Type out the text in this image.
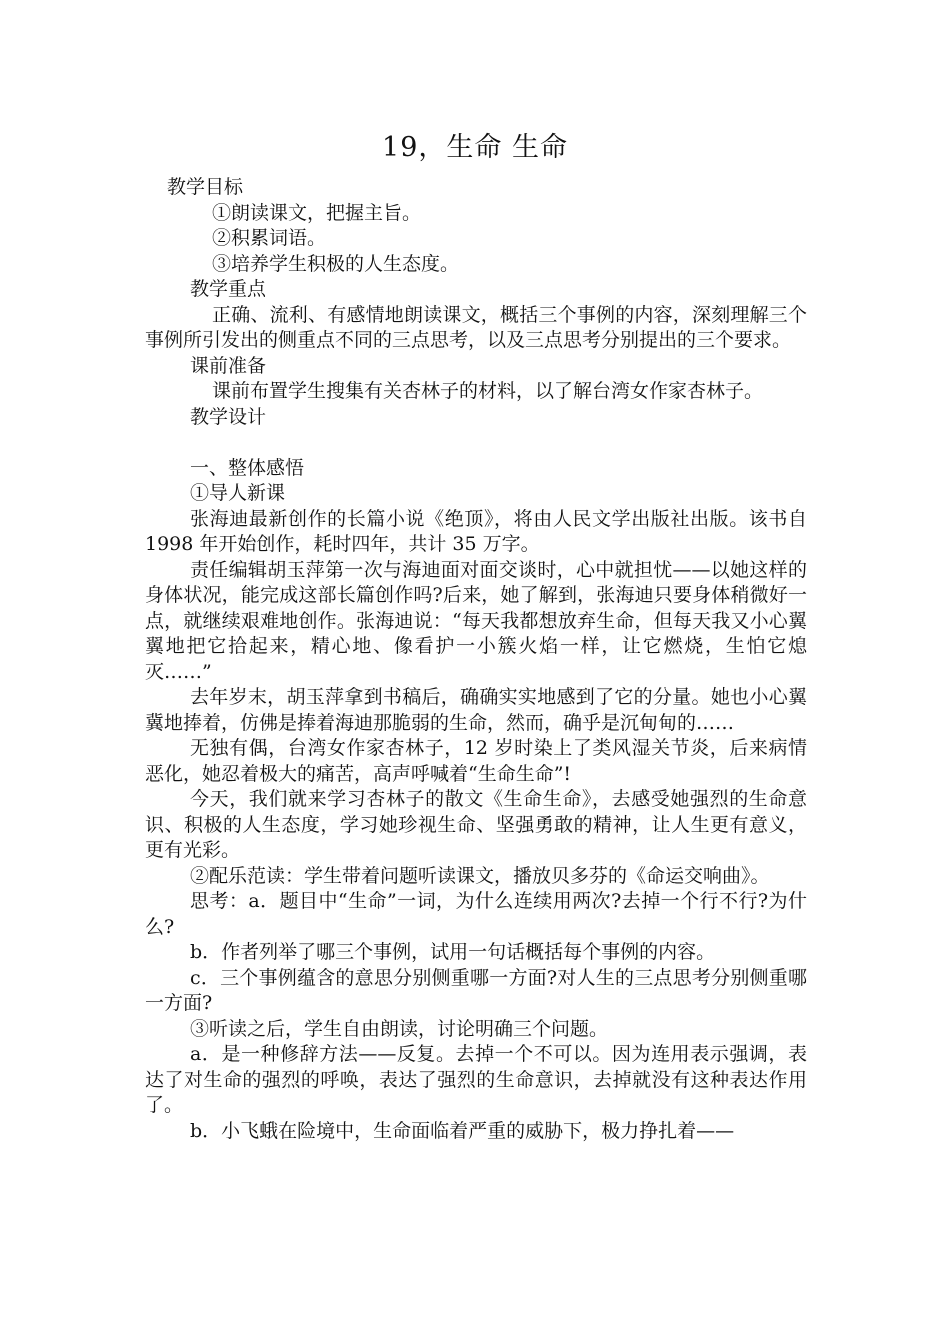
19，生命 生命

教学目标

①朗读课文，把握主旨。

②积累词语。

③培养学生积极的人生态度。

教学重点

正确、流利、有感情地朗读课文，概括三个事例的内容，深刻理解三个事例所引发出的侧重点不同的三点思考，以及三点思考分别提出的三个要求。

课前准备

课前布置学生搜集有关杏林子的材料，以了解台湾女作家杏林子。

教学设计

一、整体感悟

①导人新课

张海迪最新创作的长篇小说《绝顶》，将由人民文学出版社出版。该书自 1998 年开始创作，耗时四年，共计 35 万字。

责任编辑胡玉萍第一次与海迪面对面交谈时，心中就担忧——以她这样的身体状况，能完成这部长篇创作吗?后来，她了解到，张海迪只要身体稍微好一点，就继续艰难地创作。张海迪说：“每天我都想放弃生命，但每天我又小心翼翼地把它拾起来，精心地、像看护一小簇火焰一样，让它燃烧，生怕它熄灭……”

去年岁末，胡玉萍拿到书稿后，确确实实地感到了它的分量。她也小心翼冀地捧着，仿佛是捧着海迪那脆弱的生命，然而，确乎是沉甸甸的……

无独有偶，台湾女作家杏林子，12 岁时染上了类风湿关节炎，后来病情恶化，她忍着极大的痛苦，高声呼喊着“生命生命”!

今天，我们就来学习杏林子的散文《生命生命》，去感受她强烈的生命意识、积极的人生态度，学习她珍视生命、坚强勇敢的精神，让人生更有意义，更有光彩。

②配乐范读：学生带着问题听读课文，播放贝多芬的《命运交响曲》。

思考：a．题目中“生命”一词，为什么连续用两次?去掉一个行不行?为什么?

b．作者列举了哪三个事例，试用一句话概括每个事例的内容。

c．三个事例蕴含的意思分别侧重哪一方面?对人生的三点思考分别侧重哪一方面?

③听读之后，学生自由朗读，讨论明确三个问题。

a．是一种修辞方法——反复。去掉一个不可以。因为连用表示强调，表达了对生命的强烈的呼唤，表达了强烈的生命意识，去掉就没有这种表达作用了。

b．小飞蛾在险境中，生命面临着严重的威胁下，极力挣扎着——
